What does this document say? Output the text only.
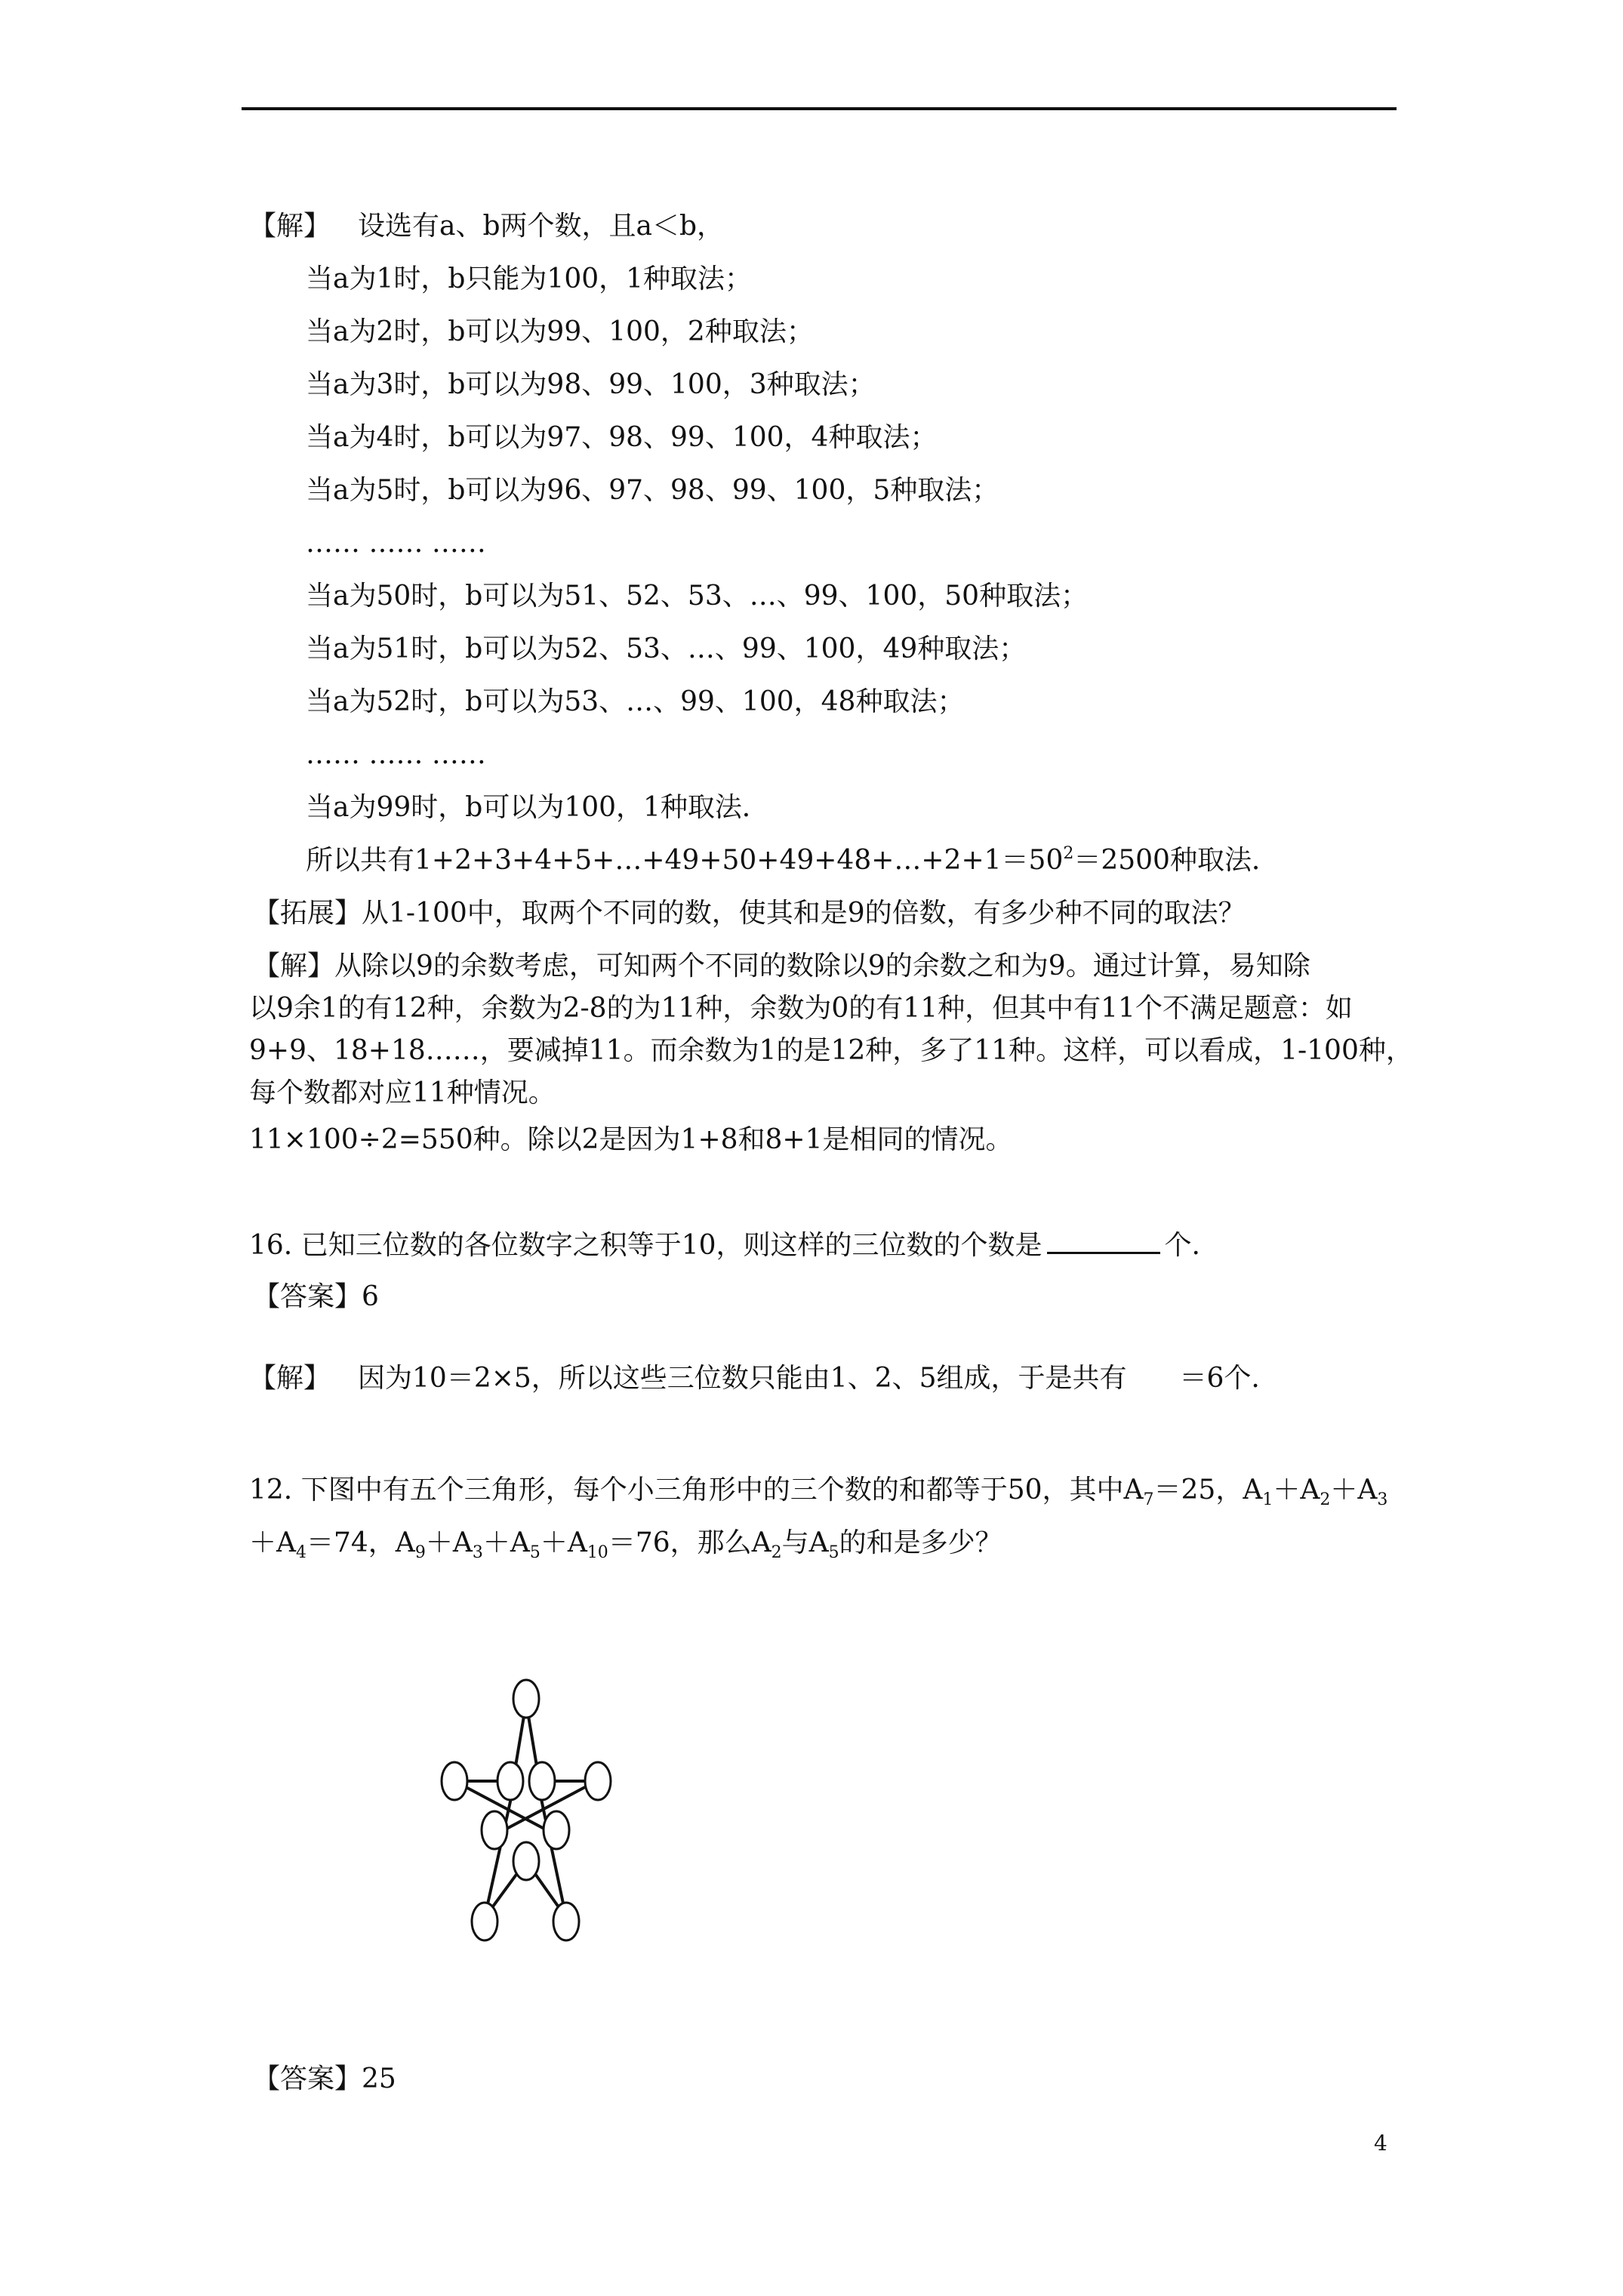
【解】 设选有a、b两个数，且a＜b，
当a为1时，b只能为100，1种取法；
当a为2时，b可以为99、100，2种取法；
当a为3时，b可以为98、99、100，3种取法；
当a为4时，b可以为97、98、99、100，4种取法；
当a为5时，b可以为96、97、98、99、100，5种取法；
…… …… ……
当a为50时，b可以为51、52、53、…、99、100，50种取法；
当a为51时，b可以为52、53、…、99、100，49种取法；
当a为52时，b可以为53、…、99、100，48种取法；
…… …… ……
当a为99时，b可以为100，1种取法．
所以共有$1+2+3+4+5+\dots+49+50+49+48+\dots+2+1=50^2=2500$种取法．
【拓展】从1-100中，取两个不同的数，使其和是9的倍数，有多少种不同的取法？
【解】从除以9的余数考虑，可知两个不同的数除以9的余数之和为9。通过计算，易知除
以9余1的有12种，余数为2-8的为11种，余数为0的有11种，但其中有11个不满足题意：如
9+9、18+18……，要减掉11。而余数为1的是12种，多了11种。这样，可以看成，1-100种，
每个数都对应11种情况。
11×100÷2=550种。除以2是因为1+8和8+1是相同的情况。
16. 已知三位数的各位数字之积等于10，则这样的三位数的个数是	个.
【答案】6
【解】 因为10＝2×5，所以这些三位数只能由1、2、5组成，于是共有 ＝6个.
12. 下图中有五个三角形，每个小三角形中的三个数的和都等于50，其中$A_7=25$，$A_1+A_2+A_3$
$+A_4=74$，$A_9+A_3+A_5+A_{10}=76$，那么$A_2$与$A_5$的和是多少？
【答案】25
4
